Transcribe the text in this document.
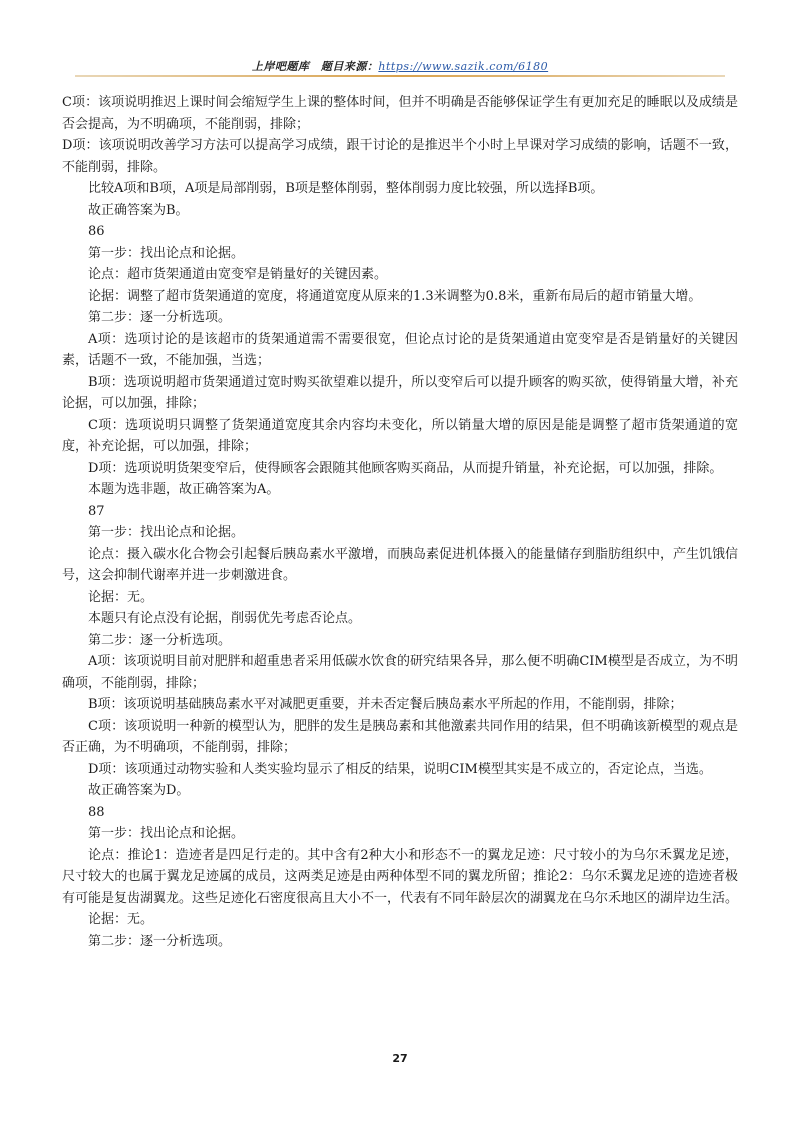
上岸吧题库　题目来源：https://www.sazik.com/6180

C项：该项说明推迟上课时间会缩短学生上课的整体时间，但并不明确是否能够保证学生有更加充足的睡眠以及成绩是否会提高，为不明确项，不能削弱，排除；

D项：该项说明改善学习方法可以提高学习成绩，跟干讨论的是推迟半个小时上早课对学习成绩的影响，话题不一致，不能削弱，排除。

比较A项和B项，A项是局部削弱，B项是整体削弱，整体削弱力度比较强，所以选择B项。

故正确答案为B。

86

第一步：找出论点和论据。

论点：超市货架通道由宽变窄是销量好的关键因素。

论据：调整了超市货架通道的宽度，将通道宽度从原来的1.3米调整为0.8米，重新布局后的超市销量大增。

第二步：逐一分析选项。

A项：选项讨论的是该超市的货架通道需不需要很宽，但论点讨论的是货架通道由宽变窄是否是销量好的关键因素，话题不一致，不能加强，当选；

B项：选项说明超市货架通道过宽时购买欲望难以提升，所以变窄后可以提升顾客的购买欲，使得销量大增，补充论据，可以加强，排除；

C项：选项说明只调整了货架通道宽度其余内容均未变化，所以销量大增的原因是能是调整了超市货架通道的宽度，补充论据，可以加强，排除；

D项：选项说明货架变窄后，使得顾客会跟随其他顾客购买商品，从而提升销量，补充论据，可以加强，排除。

本题为选非题，故正确答案为A。

87

第一步：找出论点和论据。

论点：摄入碳水化合物会引起餐后胰岛素水平激增，而胰岛素促进机体摄入的能量储存到脂肪组织中，产生饥饿信号，这会抑制代谢率并进一步刺激进食。

论据：无。

本题只有论点没有论据，削弱优先考虑否论点。

第二步：逐一分析选项。

A项：该项说明目前对肥胖和超重患者采用低碳水饮食的研究结果各异，那么便不明确CIM模型是否成立，为不明确项，不能削弱，排除；

B项：该项说明基础胰岛素水平对减肥更重要，并未否定餐后胰岛素水平所起的作用，不能削弱，排除；

C项：该项说明一种新的模型认为，肥胖的发生是胰岛素和其他激素共同作用的结果，但不明确该新模型的观点是否正确，为不明确项，不能削弱，排除；

D项：该项通过动物实验和人类实验均显示了相反的结果，说明CIM模型其实是不成立的，否定论点，当选。

故正确答案为D。

88

第一步：找出论点和论据。

论点：推论1：造迹者是四足行走的。其中含有2种大小和形态不一的翼龙足迹：尺寸较小的为乌尔禾翼龙足迹，尺寸较大的也属于翼龙足迹属的成员，这两类足迹是由两种体型不同的翼龙所留；推论2：乌尔禾翼龙足迹的造迹者极有可能是复齿湖翼龙。这些足迹化石密度很高且大小不一，代表有不同年龄层次的湖翼龙在乌尔禾地区的湖岸边生活。

论据：无。

第二步：逐一分析选项。

27
